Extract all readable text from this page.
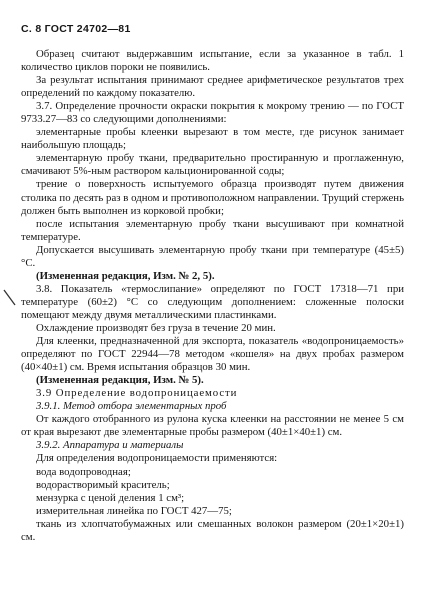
С. 8 ГОСТ 24702—81

Образец считают выдержавшим испытание, если за указанное в табл. 1 количество циклов пороки не появились.

За результат испытания принимают среднее арифметическое результатов трех определений по каждому показателю.

3.7. Определение прочности окраски покрытия к мокрому трению — по ГОСТ 9733.27—83 со следующими дополнениями:

элементарные пробы клеенки вырезают в том месте, где рисунок занимает наибольшую площадь;

элементарную пробу ткани, предварительно простиранную и проглаженную, смачивают 5%-ным раствором кальционированной соды;

трение о поверхность испытуемого образца производят путем движения столика по десять раз в одном и противоположном направлении. Трущий стержень должен быть выполнен из корковой пробки;

после испытания элементарную пробу ткани высушивают при комнатной температуре.

Допускается высушивать элементарную пробу ткани при температуре (45±5) °С.

(Измененная редакция, Изм. № 2, 5).

3.8. Показатель «термослипание» определяют по ГОСТ 17318—71 при температуре (60±2) °С со следующим дополнением: сложенные полоски помещают между двумя металлическими пластинками.

Охлаждение производят без груза в течение 20 мин.

Для клеенки, предназначенной для экспорта, показатель «водопроницаемость» определяют по ГОСТ 22944—78 методом «кошеля» на двух пробах размером (40×40±1) см. Время испытания образцов 30 мин.

(Измененная редакция, Изм. № 5).

3.9 Определение водопроницаемости

3.9.1. Метод отбора элементарных проб

От каждого отобранного из рулона куска клеенки на расстоянии не менее 5 см от края вырезают две элементарные пробы размером (40±1×40±1) см.

3.9.2. Аппаратура и материалы

Для определения водопроницаемости применяются:

вода водопроводная;

водорастворимый краситель;

мензурка с ценой деления 1 см³;

измерительная линейка по ГОСТ 427—75;

ткань из хлопчатобумажных или смешанных волокон размером (20±1×20±1) см.
